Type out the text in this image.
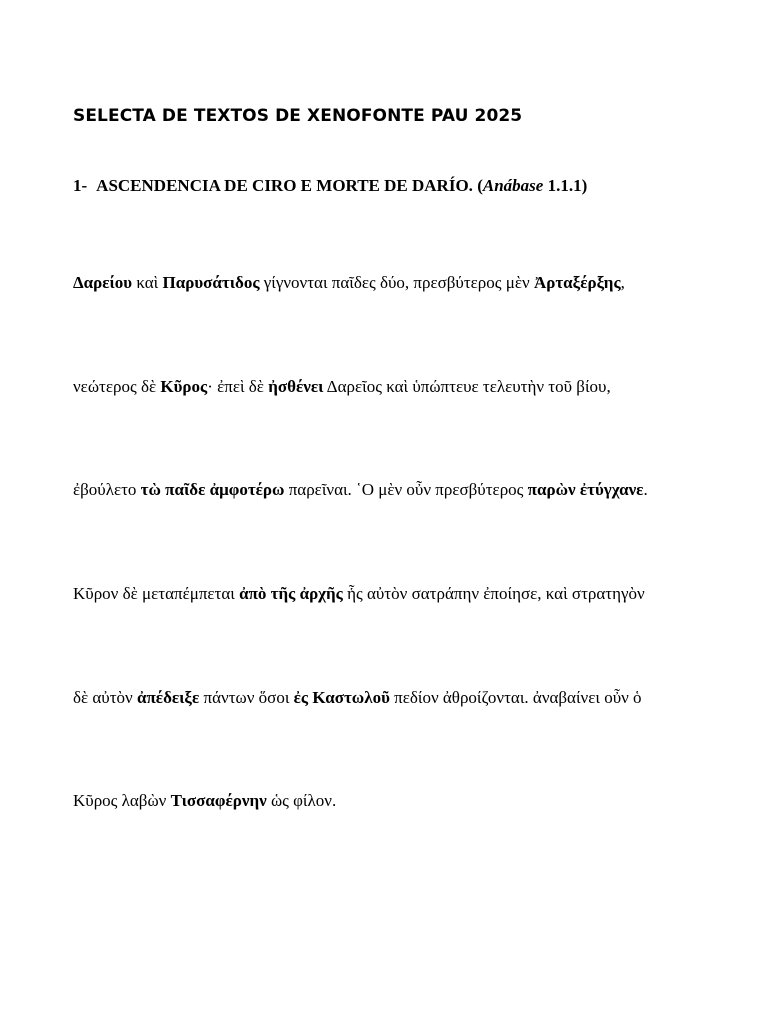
SELECTA DE TEXTOS DE XENOFONTE PAU 2025
1- ASCENDENCIA DE CIRO E MORTE DE DARÍO. (Anábase 1.1.1)
Δαρείου καὶ Παρυσάτιδος γίγνονται παῖδες δύο, πρεσβύτερος μὲν Ἀρταξέρξης,
νεώτερος δὲ Κῦρος· ἐπεὶ δὲ ἠσθένει Δαρεῖος καὶ ὑπώπτευε τελευτὴν τοῦ βίου,
ἐβούλετο τὼ παῖδε ἀμφοτέρω παρεῖναι. ῾Ο μὲν οὖν πρεσβύτερος παρὼν ἐτύγχανε.
Κῦρον δὲ μεταπέμπεται ἀπὸ τῆς ἀρχῆς ἧς αὐτὸν σατράπην ἐποίησε, καὶ στρατηγὸν
δὲ αὐτὸν ἀπέδειξε πάντων ὅσοι ἐς Καστωλοῦ πεδίον ἀθροίζονται. ἀναβαίνει οὖν ὁ
Κῦρος λαβὼν Τισσαφέρνην ὡς φίλον.
